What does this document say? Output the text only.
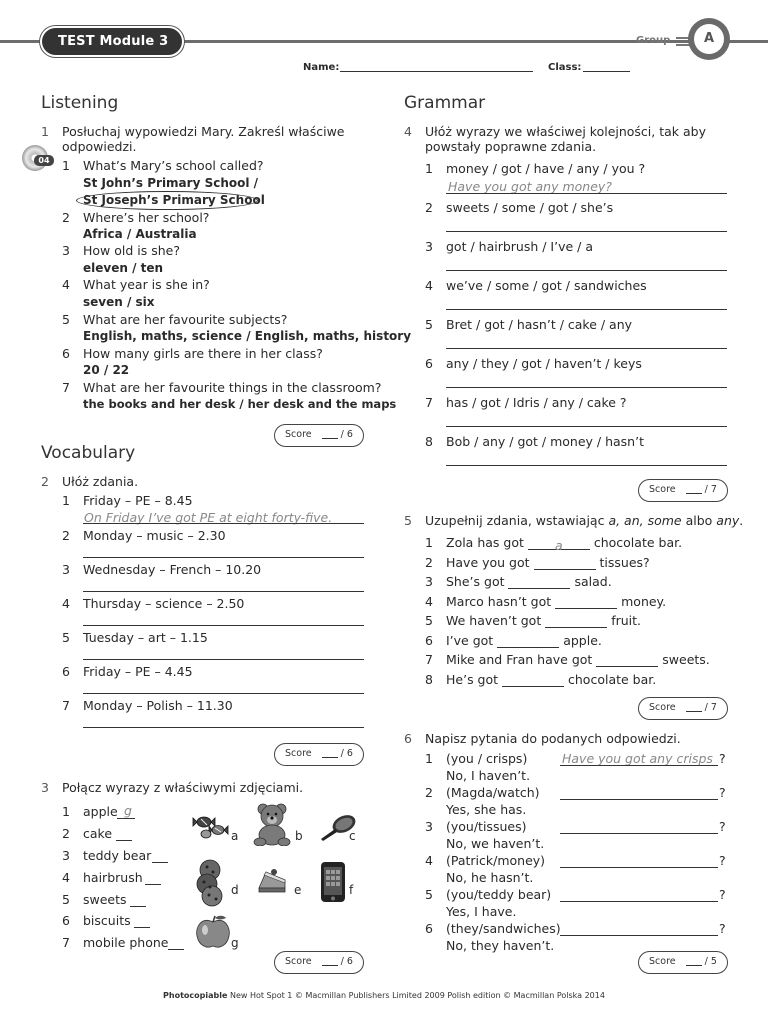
TEST Module 3	Group	A
Name:	Class:
Listening
1 Posłuchaj wypowiedzi Mary. Zakreśl właściwe
odpowiedzi.
04 1 What’s Mary’s school called?
St John’s Primary School /
St Joseph’s Primary School
2 Where’s her school?
Africa / Australia
3 How old is she?
eleven / ten
4 What year is she in?
seven / six
5 What are her favourite subjects?
English, maths, science / English, maths, history
6 How many girls are there in her class?
20 / 22
7 What are her favourite things in the classroom?
the books and her desk / her desk and the maps
Score	/ 6
Vocabulary
2 Ułóż zdania.
1 Friday – PE – 8.45
On Friday I’ve got PE at eight forty-five.
2 Monday – music – 2.30
3 Wednesday – French – 10.20
4 Thursday – science – 2.50
5 Tuesday – art – 1.15
6 Friday – PE – 4.45
7 Monday – Polish – 11.30
Score	/ 6
3 Połącz wyrazy z właściwymi zdjęciami.
1 apple g
2 cake
3 teddy bear
4 hairbrush
5 sweets
6 biscuits
7 mobile phone
a	b	c
d	e	f
g
Score	/ 6
Grammar
4 Ułóż wyrazy we właściwej kolejności, tak aby
powstały poprawne zdania.
1 money / got / have / any / you ?
Have you got any money?
2 sweets / some / got / she’s
3 got / hairbrush / I’ve / a
4 we’ve / some / got / sandwiches
5 Bret / got / hasn’t / cake / any
6 any / they / got / haven’t / keys
7 has / got / Idris / any / cake ?
8 Bob / any / got / money / hasn’t
Score	/ 7
5 Uzupełnij zdania, wstawiając a, an, some albo any.
1 Zola has got a chocolate bar.
2 Have you got	tissues?
3 She’s got	salad.
4 Marco hasn’t got	money.
5 We haven’t got	fruit.
6 I’ve got	apple.
7 Mike and Fran have got	sweets.
8 He’s got	chocolate bar.
Score	/ 7
6 Napisz pytania do podanych odpowiedzi.
1 (you / crisps)	Have you got any crisps ?
No, I haven’t.
2 (Magda/watch)	?
Yes, she has.
3 (you/tissues)	?
No, we haven’t.
4 (Patrick/money)	?
No, he hasn’t.
5 (you/teddy bear)	?
Yes, I have.
6 (they/sandwiches)	?
No, they haven’t.
Score	/ 5
Photocopiable New Hot Spot 1 © Macmillan Publishers Limited 2009 Polish edition © Macmillan Polska 2014
